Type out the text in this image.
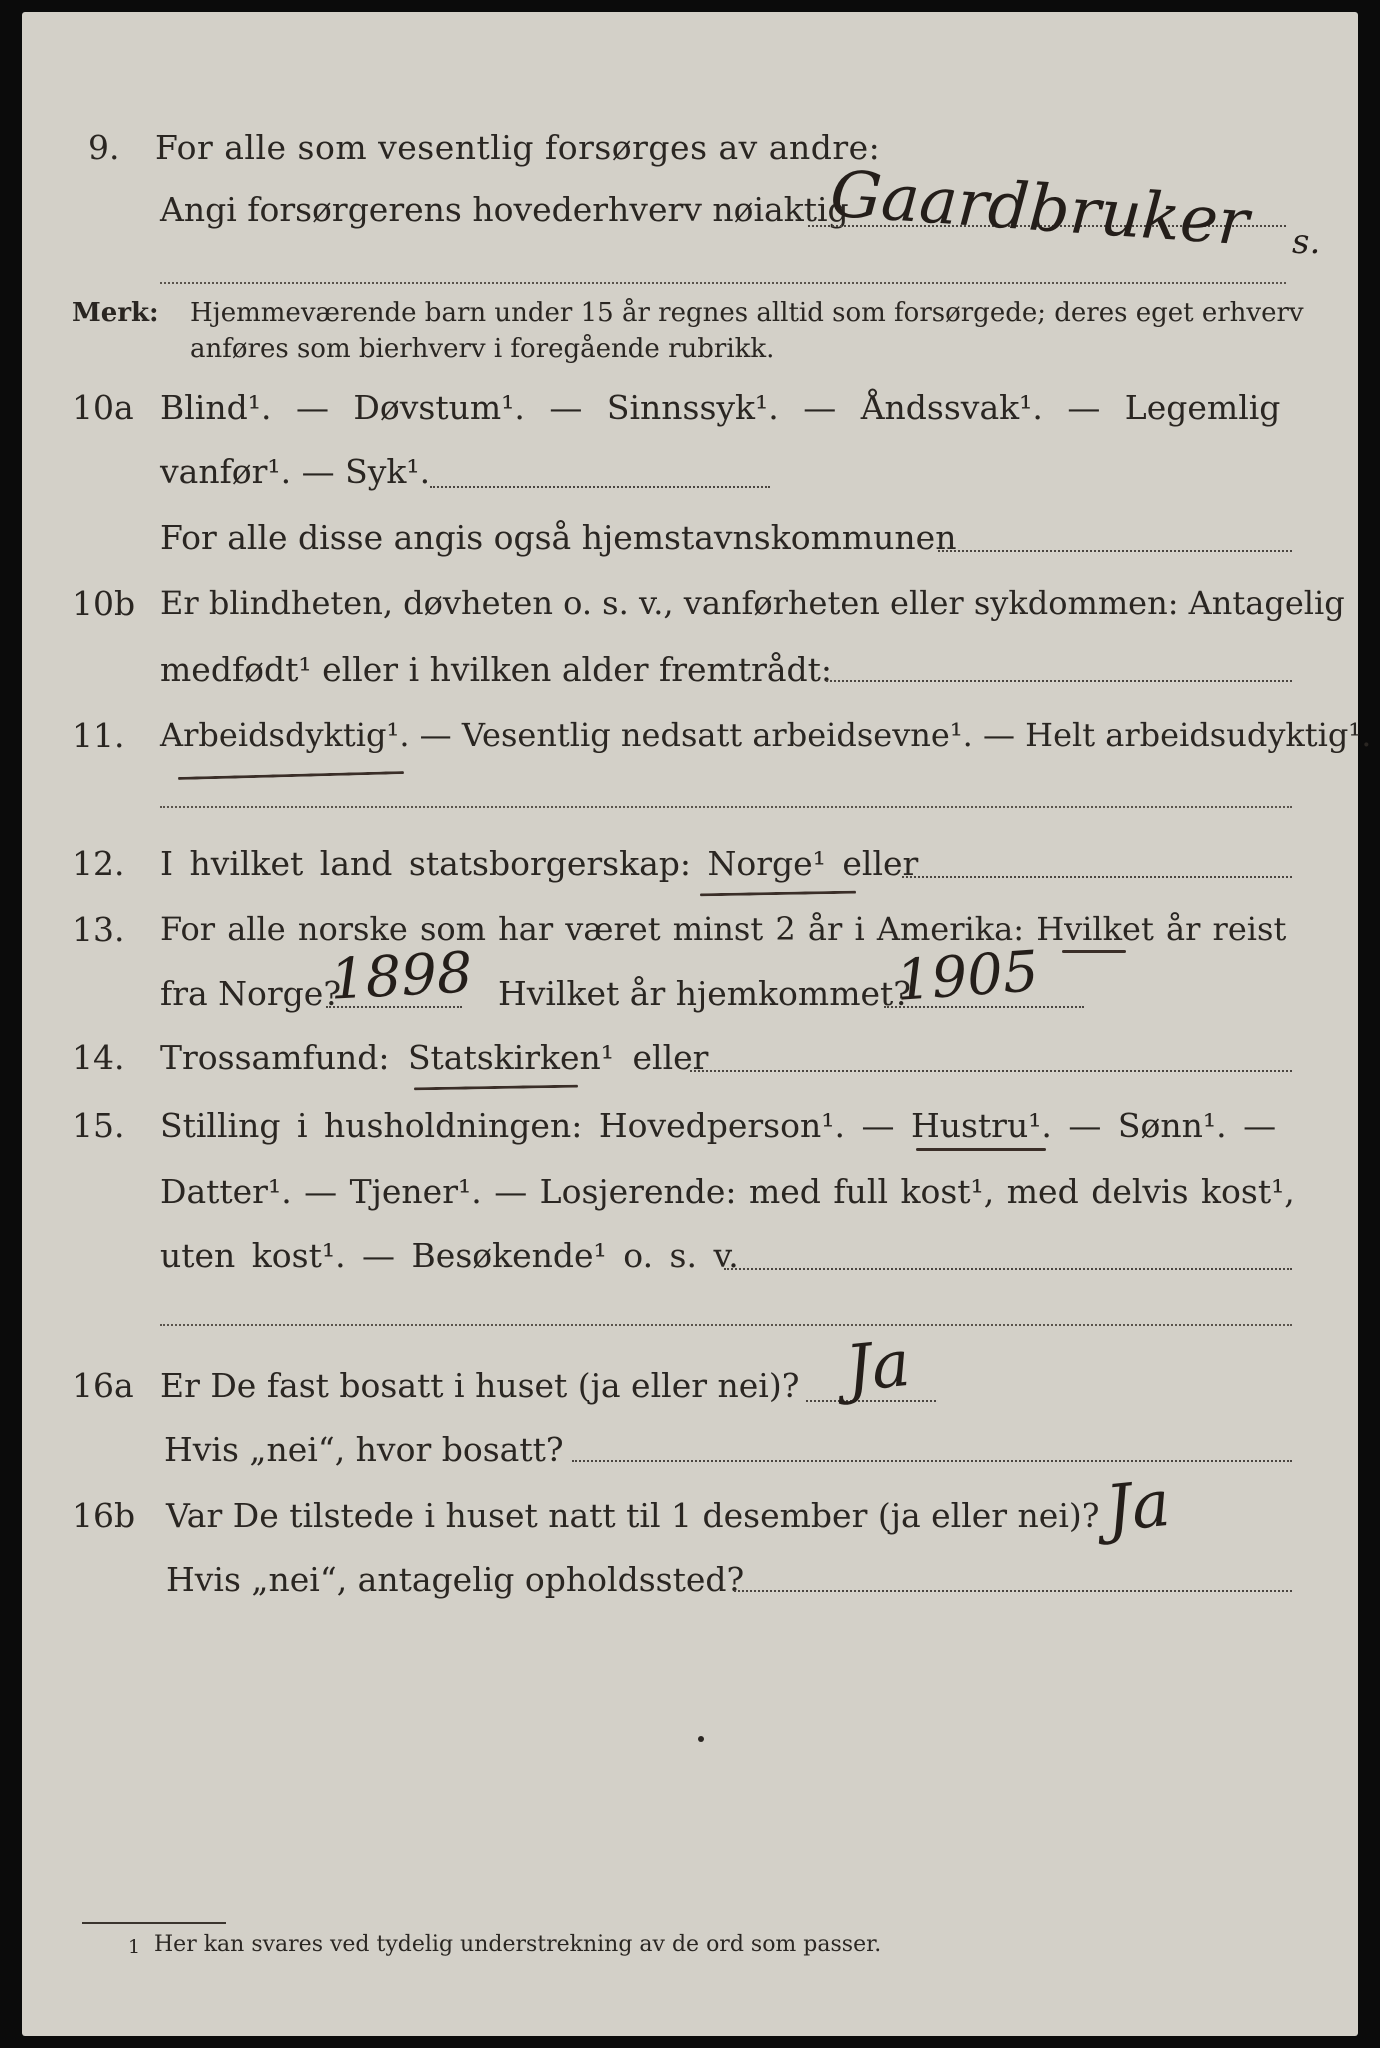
9. For alle som vesentlig forsørges av andre:
Angi forsørgerens hovederhverv nøiaktig
Gaardbruker s.
Merk: Hjemmeværende barn under 15 år regnes alltid som forsørgede; deres eget erhverv
anføres som bierhverv i foregående rubrikk.
10a Blind¹. — Døvstum¹. — Sinnssyk¹. — Åndssvak¹. — Legemlig
vanfør¹. — Syk¹.
For alle disse angis også hjemstavnskommunen
10b Er blindheten, døvheten o. s. v., vanførheten eller sykdommen: Antagelig
medfødt¹ eller i hvilken alder fremtrådt:
11. Arbeidsdyktig¹. — Vesentlig nedsatt arbeidsevne¹. — Helt arbeidsudyktig¹.
12. I hvilket land statsborgerskap: Norge¹ eller
13. For alle norske som har været minst 2 år i Amerika: Hvilket år reist
fra Norge?
1898 Hvilket år hjemkommet?
1905
14. Trossamfund: Statskirken¹ eller
15. Stilling i husholdningen: Hovedperson¹. — Hustru¹. — Sønn¹. —
Datter¹. — Tjener¹. — Losjerende: med full kost¹, med delvis kost¹,
uten kost¹. — Besøkende¹ o. s. v.
16a Er De fast bosatt i huset (ja eller nei)? Ja
Hvis „nei“, hvor bosatt?
16b Var De tilstede i huset natt til 1 desember (ja eller nei)? Ja
Hvis „nei“, antagelig opholdssted?
1 Her kan svares ved tydelig understrekning av de ord som passer.
